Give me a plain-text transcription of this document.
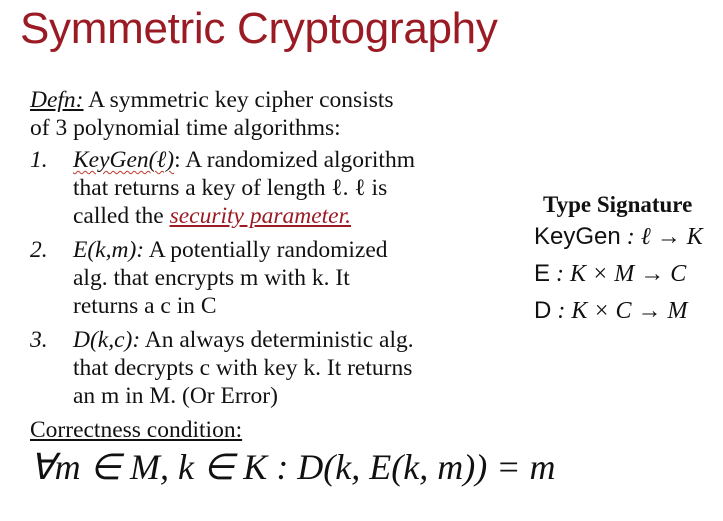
Symmetric Cryptography
Defn: A symmetric key cipher consists
of 3 polynomial time algorithms:
1. KeyGen(ℓ): A randomized algorithm
that returns a key of length ℓ. ℓ is
called the security parameter.
2. E(k,m): A potentially randomized
alg. that encrypts m with k. It
returns a c in C
3. D(k,c): An always deterministic alg.
that decrypts c with key k. It returns
an m in M. (Or Error)
Correctness condition:
∀m ∈ M, k ∈ K : D(k, E(k, m)) = m
Type Signature
KeyGen : ℓ → K
E : K × M → C
D : K × C → M
